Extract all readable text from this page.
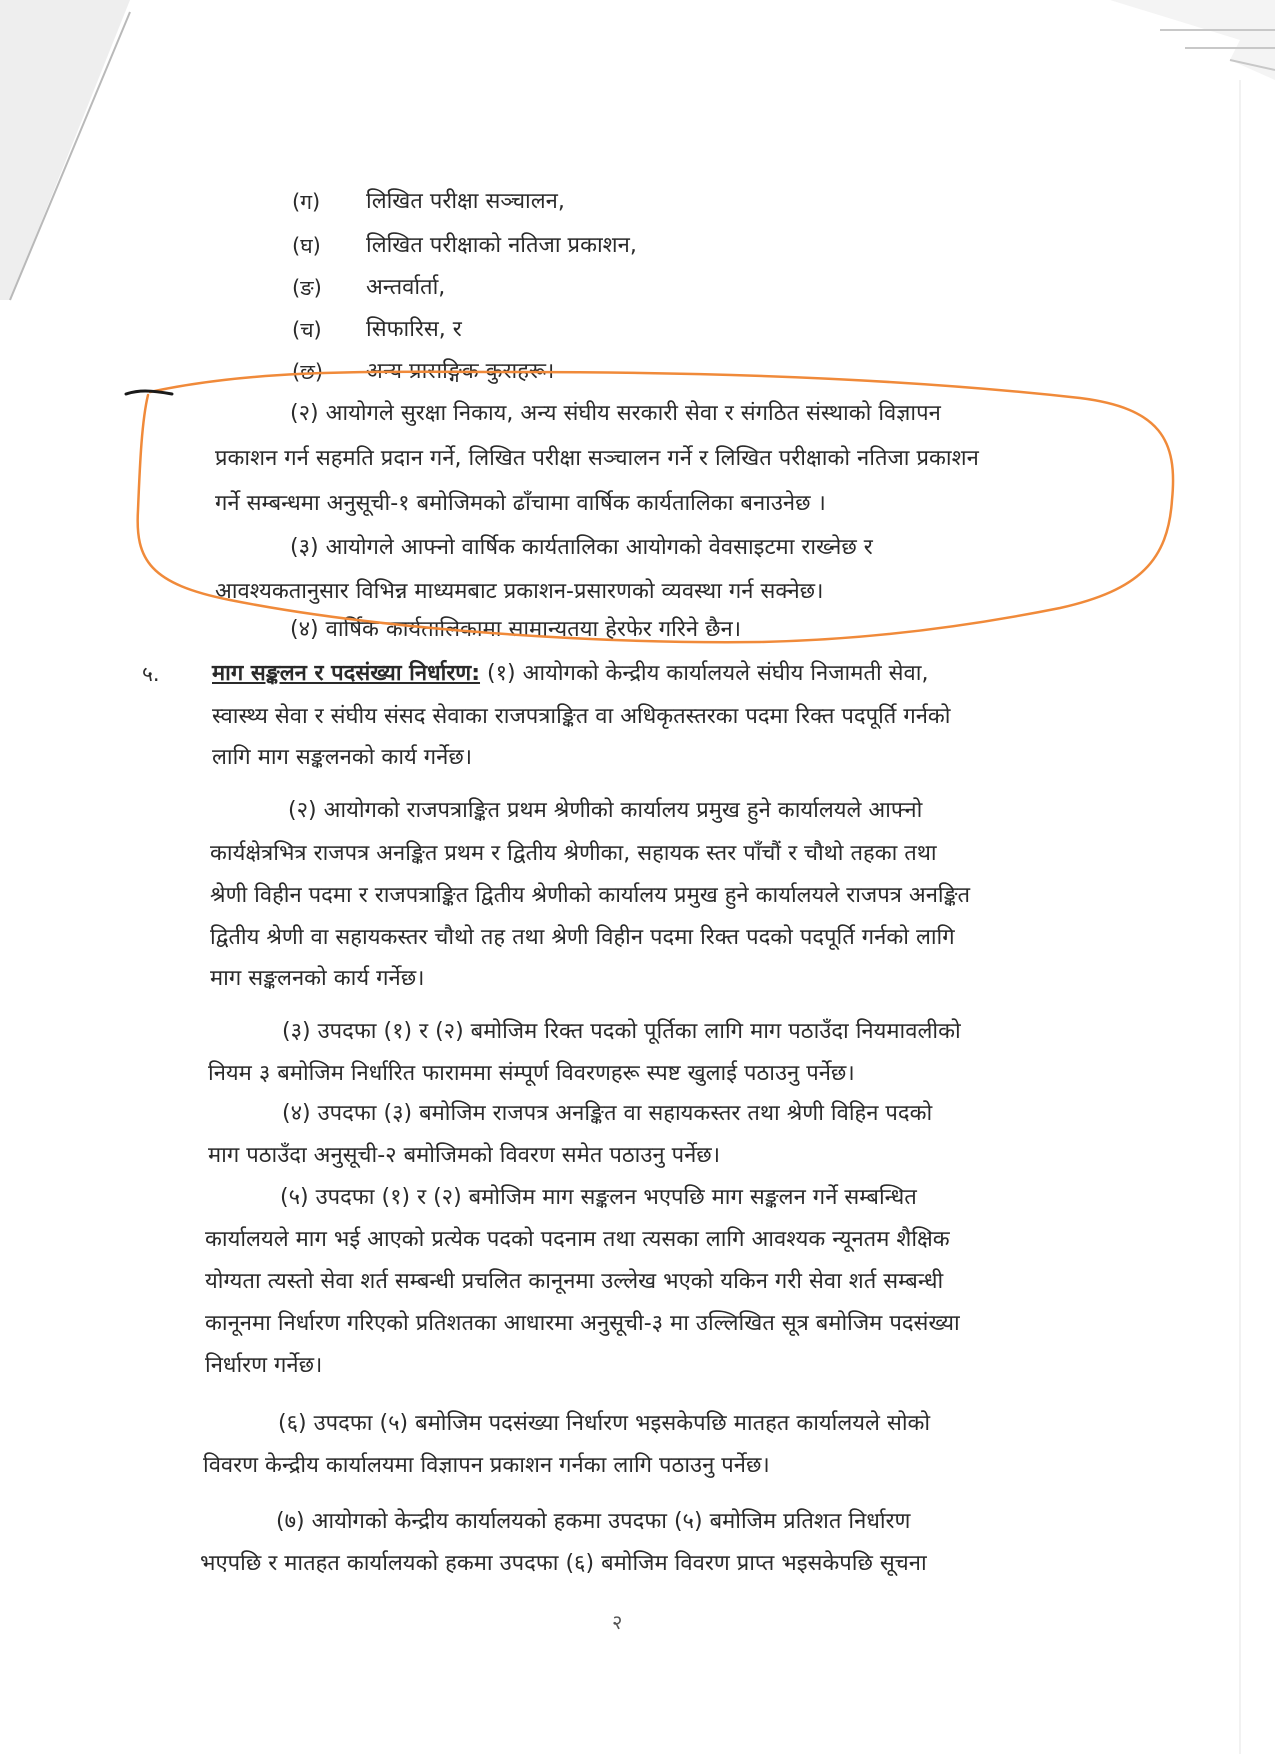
(ग) लिखित परीक्षा सञ्चालन,
(घ) लिखित परीक्षाको नतिजा प्रकाशन,
(ङ) अन्तर्वार्ता,
(च) सिफारिस, र
(छ) अन्य प्रासङ्गिक कुराहरू।
(२) आयोगले सुरक्षा निकाय, अन्य संघीय सरकारी सेवा र संगठित संस्थाको विज्ञापन
प्रकाशन गर्न सहमति प्रदान गर्ने, लिखित परीक्षा सञ्चालन गर्ने र लिखित परीक्षाको नतिजा प्रकाशन
गर्ने सम्बन्धमा अनुसूची-१ बमोजिमको ढाँचामा वार्षिक कार्यतालिका बनाउनेछ ।
(३) आयोगले आफ्नो वार्षिक कार्यतालिका आयोगको वेवसाइटमा राख्नेछ र
आवश्यकतानुसार विभिन्न माध्यमबाट प्रकाशन-प्रसारणको व्यवस्था गर्न सक्नेछ।
(४) वार्षिक कार्यतालिकामा सामान्यतया हेरफेर गरिने छैन।
५. माग सङ्कलन र पदसंख्या निर्धारण: (१) आयोगको केन्द्रीय कार्यालयले संघीय निजामती सेवा,
स्वास्थ्य सेवा र संघीय संसद सेवाका राजपत्राङ्कित वा अधिकृतस्तरका पदमा रिक्त पदपूर्ति गर्नको
लागि माग सङ्कलनको कार्य गर्नेछ।
(२) आयोगको राजपत्राङ्कित प्रथम श्रेणीको कार्यालय प्रमुख हुने कार्यालयले आफ्नो
कार्यक्षेत्रभित्र राजपत्र अनङ्कित प्रथम र द्वितीय श्रेणीका, सहायक स्तर पाँचौं र चौथो तहका तथा
श्रेणी विहीन पदमा र राजपत्राङ्कित द्वितीय श्रेणीको कार्यालय प्रमुख हुने कार्यालयले राजपत्र अनङ्कित
द्वितीय श्रेणी वा सहायकस्तर चौथो तह तथा श्रेणी विहीन पदमा रिक्त पदको पदपूर्ति गर्नको लागि
माग सङ्कलनको कार्य गर्नेछ।
(३) उपदफा (१) र (२) बमोजिम रिक्त पदको पूर्तिका लागि माग पठाउँदा नियमावलीको
नियम ३ बमोजिम निर्धारित फाराममा संम्पूर्ण विवरणहरू स्पष्ट खुलाई पठाउनु पर्नेछ।
(४) उपदफा (३) बमोजिम राजपत्र अनङ्कित वा सहायकस्तर तथा श्रेणी विहिन पदको
माग पठाउँदा अनुसूची-२ बमोजिमको विवरण समेत पठाउनु पर्नेछ।
(५) उपदफा (१) र (२) बमोजिम माग सङ्कलन भएपछि माग सङ्कलन गर्ने सम्बन्धित
कार्यालयले माग भई आएको प्रत्येक पदको पदनाम तथा त्यसका लागि आवश्यक न्यूनतम शैक्षिक
योग्यता त्यस्तो सेवा शर्त सम्बन्धी प्रचलित कानूनमा उल्लेख भएको यकिन गरी सेवा शर्त सम्बन्धी
कानूनमा निर्धारण गरिएको प्रतिशतका आधारमा अनुसूची-३ मा उल्लिखित सूत्र बमोजिम पदसंख्या
निर्धारण गर्नेछ।
(६) उपदफा (५) बमोजिम पदसंख्या निर्धारण भइसकेपछि मातहत कार्यालयले सोको
विवरण केन्द्रीय कार्यालयमा विज्ञापन प्रकाशन गर्नका लागि पठाउनु पर्नेछ।
(७) आयोगको केन्द्रीय कार्यालयको हकमा उपदफा (५) बमोजिम प्रतिशत निर्धारण
भएपछि र मातहत कार्यालयको हकमा उपदफा (६) बमोजिम विवरण प्राप्त भइसकेपछि सूचना
२
